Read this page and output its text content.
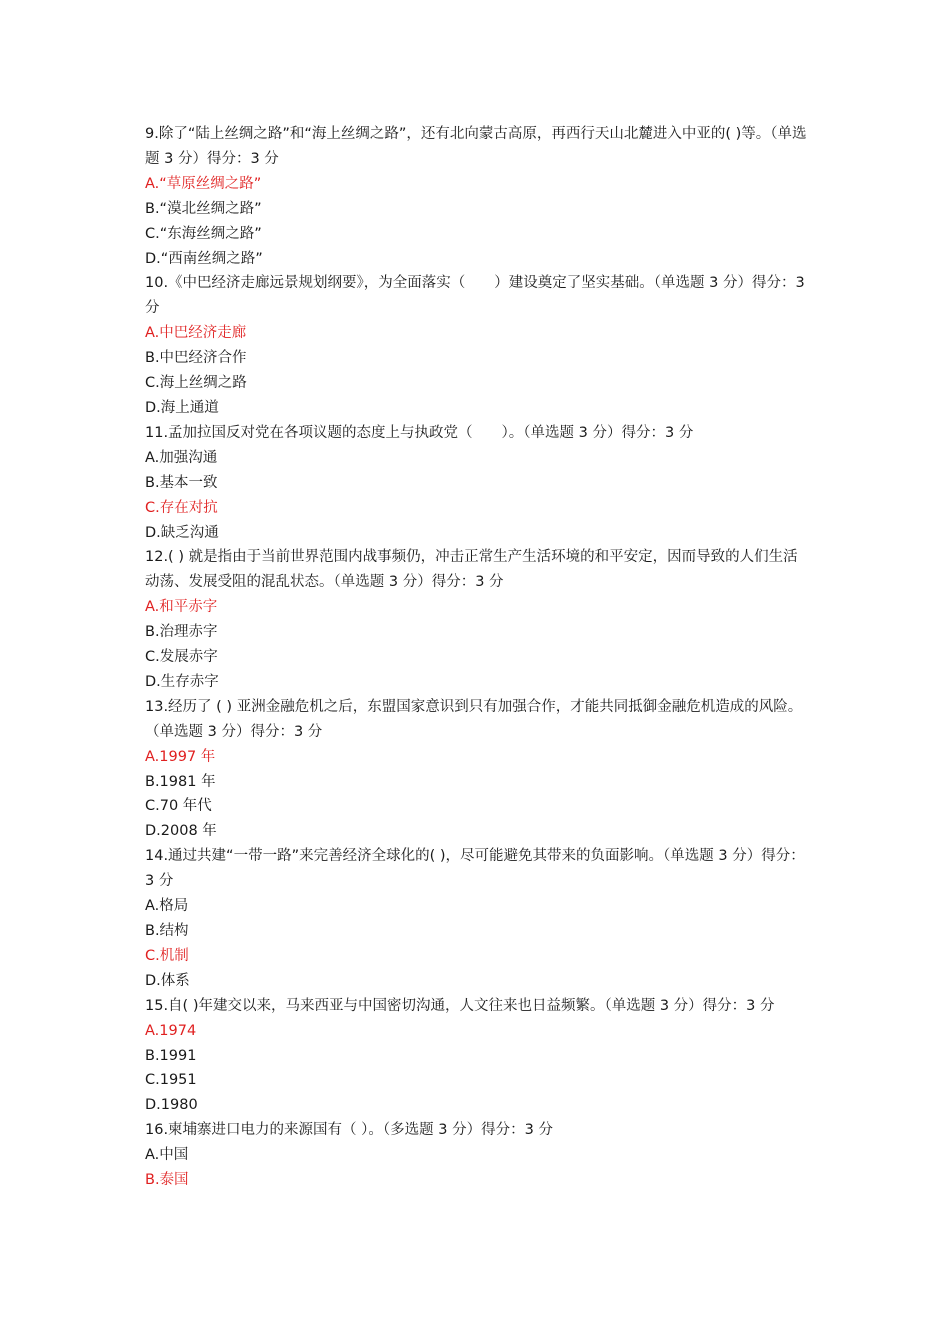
9.除了“陆上丝绸之路”和“海上丝绸之路”，还有北向蒙古高原，再西行天山北麓进入中亚的( )等。（单选题 3 分）得分：3 分

A.“草原丝绸之路”

B.“漠北丝绸之路”

C.“东海丝绸之路”

D.“西南丝绸之路”

10.《中巴经济走廊远景规划纲要》，为全面落实（　　）建设奠定了坚实基础。（单选题 3 分）得分：3 分

A.中巴经济走廊

B.中巴经济合作

C.海上丝绸之路

D.海上通道

11.孟加拉国反对党在各项议题的态度上与执政党（　　）。（单选题 3 分）得分：3 分

A.加强沟通

B.基本一致

C.存在对抗

D.缺乏沟通

12.( ) 就是指由于当前世界范围内战事频仍，冲击正常生产生活环境的和平安定，因而导致的人们生活动荡、发展受阻的混乱状态。（单选题 3 分）得分：3 分

A.和平赤字

B.治理赤字

C.发展赤字

D.生存赤字

13.经历了 ( ) 亚洲金融危机之后，东盟国家意识到只有加强合作，才能共同抵御金融危机造成的风险。（单选题 3 分）得分：3 分

A.1997 年

B.1981 年

C.70 年代

D.2008 年

14.通过共建“一带一路”来完善经济全球化的( )，尽可能避免其带来的负面影响。（单选题 3 分）得分：3 分

A.格局

B.结构

C.机制

D.体系

15.自( )年建交以来，马来西亚与中国密切沟通，人文往来也日益频繁。（单选题 3 分）得分：3 分

A.1974

B.1991

C.1951

D.1980

16.柬埔寨进口电力的来源国有（ ）。（多选题 3 分）得分：3 分

A.中国

B.泰国
